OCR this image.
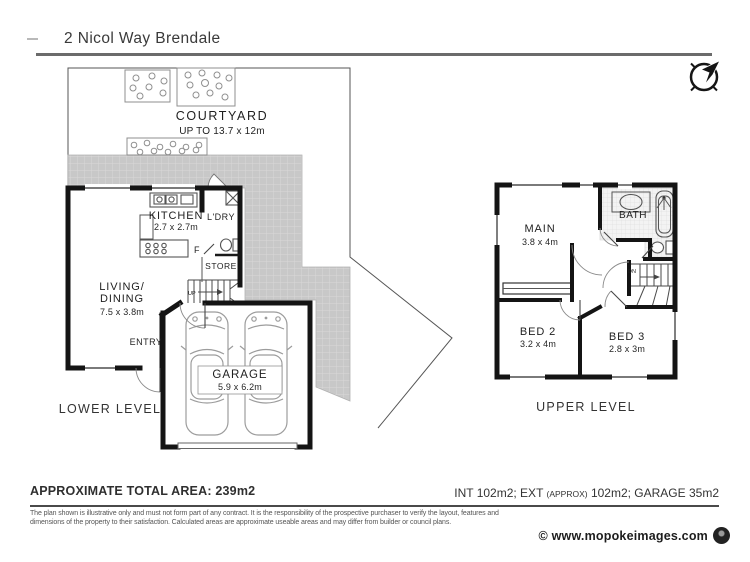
2 Nicol Way Brendale
COURTYARD
UP TO 13.7 x 12m
KITCHEN
2.7 x 2.7m
L'DRY
F
STORE
UP
LIVING/
DINING
7.5 x 3.8m
ENTRY
GARAGE
5.9 x 6.2m
LOWER LEVEL
MAIN
3.8 x 4m
BATH
DN
BED 2
3.2 x 4m
BED 3
2.8 x 3m
UPPER LEVEL
APPROXIMATE TOTAL AREA: 239m2	INT 102m2; EXT (APPROX) 102m2; GARAGE 35m2
The plan shown is illustrative only and must not form part of any contract. It is the responsibility of the prospective purchaser to verify the layout, features and
dimensions of the property to their satisfaction. Calculated areas are approximate useable areas and may differ from builder or council plans.
© www.mopokeimages.com
